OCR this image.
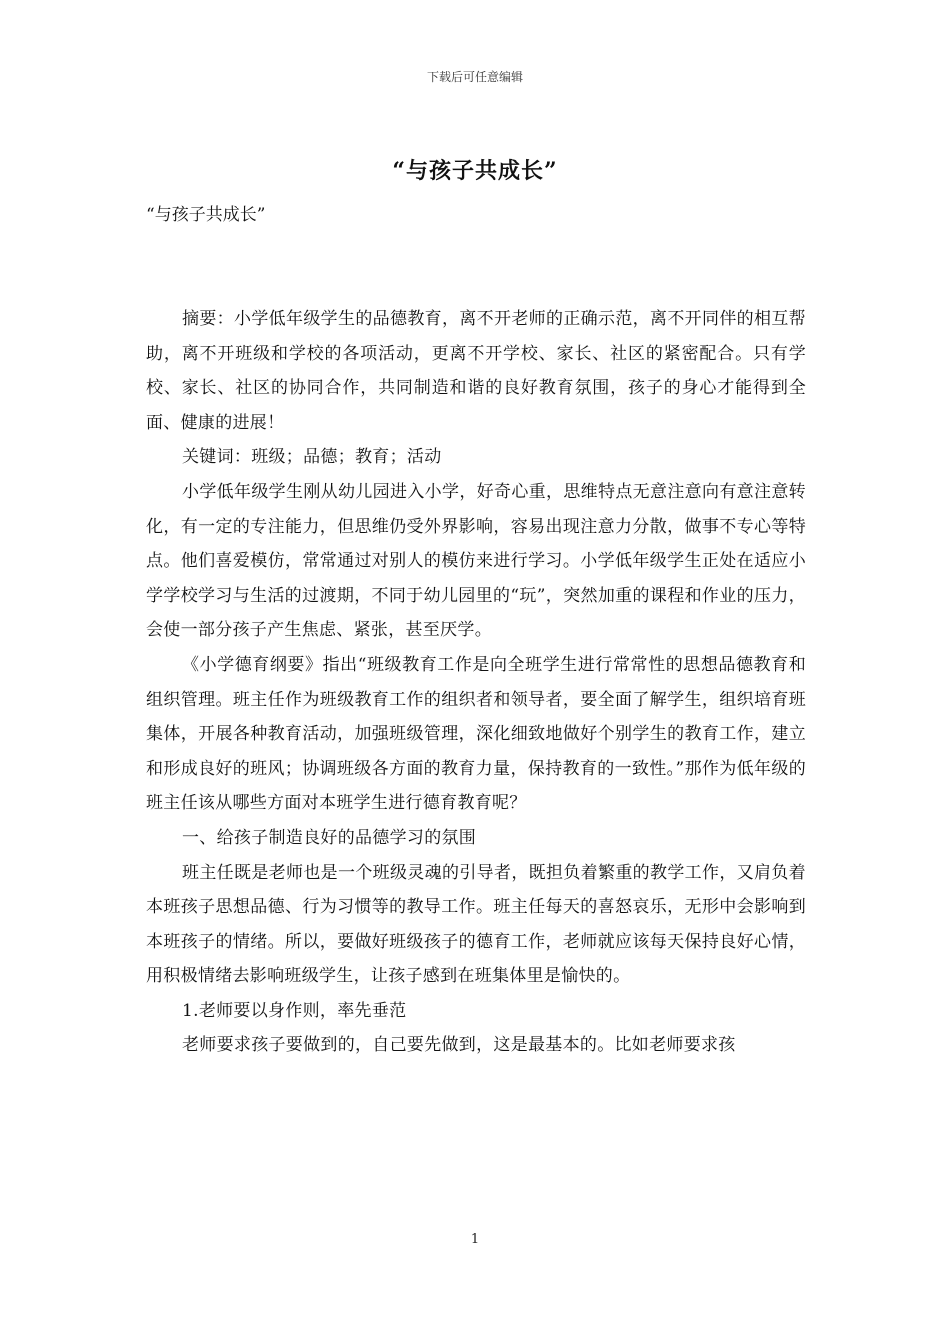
下载后可任意编辑
“与孩子共成长”

“与孩子共成长”

摘要：小学低年级学生的品德教育，离不开老师的正确示范，离不开同伴的相互帮助，离不开班级和学校的各项活动，更离不开学校、家长、社区的紧密配合。只有学校、家长、社区的协同合作，共同制造和谐的良好教育氛围，孩子的身心才能得到全面、健康的进展！

关键词：班级；品德；教育；活动

小学低年级学生刚从幼儿园进入小学，好奇心重，思维特点无意注意向有意注意转化，有一定的专注能力，但思维仍受外界影响，容易出现注意力分散，做事不专心等特点。他们喜爱模仿，常常通过对别人的模仿来进行学习。小学低年级学生正处在适应小学学校学习与生活的过渡期，不同于幼儿园里的“玩”，突然加重的课程和作业的压力，会使一部分孩子产生焦虑、紧张，甚至厌学。

《小学德育纲要》指出“班级教育工作是向全班学生进行常常性的思想品德教育和组织管理。班主任作为班级教育工作的组织者和领导者，要全面了解学生，组织培育班集体，开展各种教育活动，加强班级管理，深化细致地做好个别学生的教育工作，建立和形成良好的班风；协调班级各方面的教育力量，保持教育的一致性。”那作为低年级的班主任该从哪些方面对本班学生进行德育教育呢？

一、给孩子制造良好的品德学习的氛围

班主任既是老师也是一个班级灵魂的引导者，既担负着繁重的教学工作，又肩负着本班孩子思想品德、行为习惯等的教导工作。班主任每天的喜怒哀乐，无形中会影响到本班孩子的情绪。所以，要做好班级孩子的德育工作，老师就应该每天保持良好心情，用积极情绪去影响班级学生，让孩子感到在班集体里是愉快的。

1.老师要以身作则，率先垂范

老师要求孩子要做到的，自己要先做到，这是最基本的。比如老师要求孩

1
